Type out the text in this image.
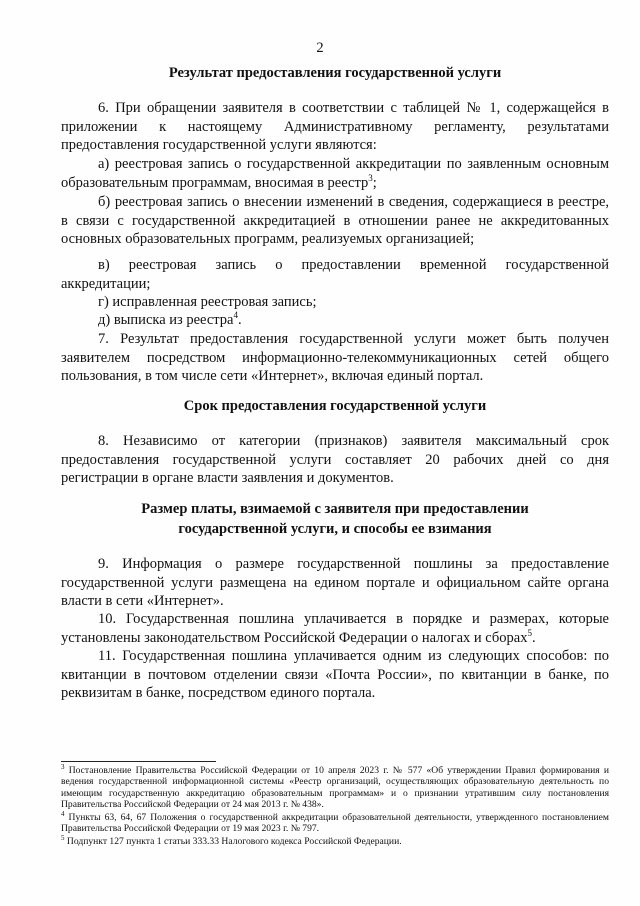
2
Результат предоставления государственной услуги
6. При обращении заявителя в соответствии с таблицей № 1, содержащейся в приложении к настоящему Административному регламенту, результатами предоставления государственной услуги являются:
а) реестровая запись о государственной аккредитации по заявленным основным образовательным программам, вносимая в реестр$^3$;
б) реестровая запись о внесении изменений в сведения, содержащиеся в реестре, в связи с государственной аккредитацией в отношении ранее не аккредитованных основных образовательных программ, реализуемых организацией;
в) реестровая запись о предоставлении временной государственной аккредитации;
г) исправленная реестровая запись;
д) выписка из реестра$^4$.
7. Результат предоставления государственной услуги может быть получен заявителем посредством информационно-телекоммуникационных сетей общего пользования, в том числе сети «Интернет», включая единый портал.
Срок предоставления государственной услуги
8. Независимо от категории (признаков) заявителя максимальный срок предоставления государственной услуги составляет 20 рабочих дней со дня регистрации в органе власти заявления и документов.
Размер платы, взимаемой с заявителя при предоставлении
государственной услуги, и способы ее взимания
9. Информация о размере государственной пошлины за предоставление государственной услуги размещена на едином портале и официальном сайте органа власти в сети «Интернет».
10. Государственная пошлина уплачивается в порядке и размерах, которые установлены законодательством Российской Федерации о налогах и сборах$^5$.
11. Государственная пошлина уплачивается одним из следующих способов: по квитанции в почтовом отделении связи «Почта России», по квитанции в банке, по реквизитам в банке, посредством единого портала.
$^3$ Постановление Правительства Российской Федерации от 10 апреля 2023 г. № 577 «Об утверждении Правил формирования и ведения государственной информационной системы «Реестр организаций, осуществляющих образовательную деятельность по имеющим государственную аккредитацию образовательным программам» и о признании утратившим силу постановления Правительства Российской Федерации от 24 мая 2013 г. № 438».
$^4$ Пункты 63, 64, 67 Положения о государственной аккредитации образовательной деятельности, утвержденного постановлением Правительства Российской Федерации от 19 мая 2023 г. № 797.
$^5$ Подпункт 127 пункта 1 статьи 333.33 Налогового кодекса Российской Федерации.
